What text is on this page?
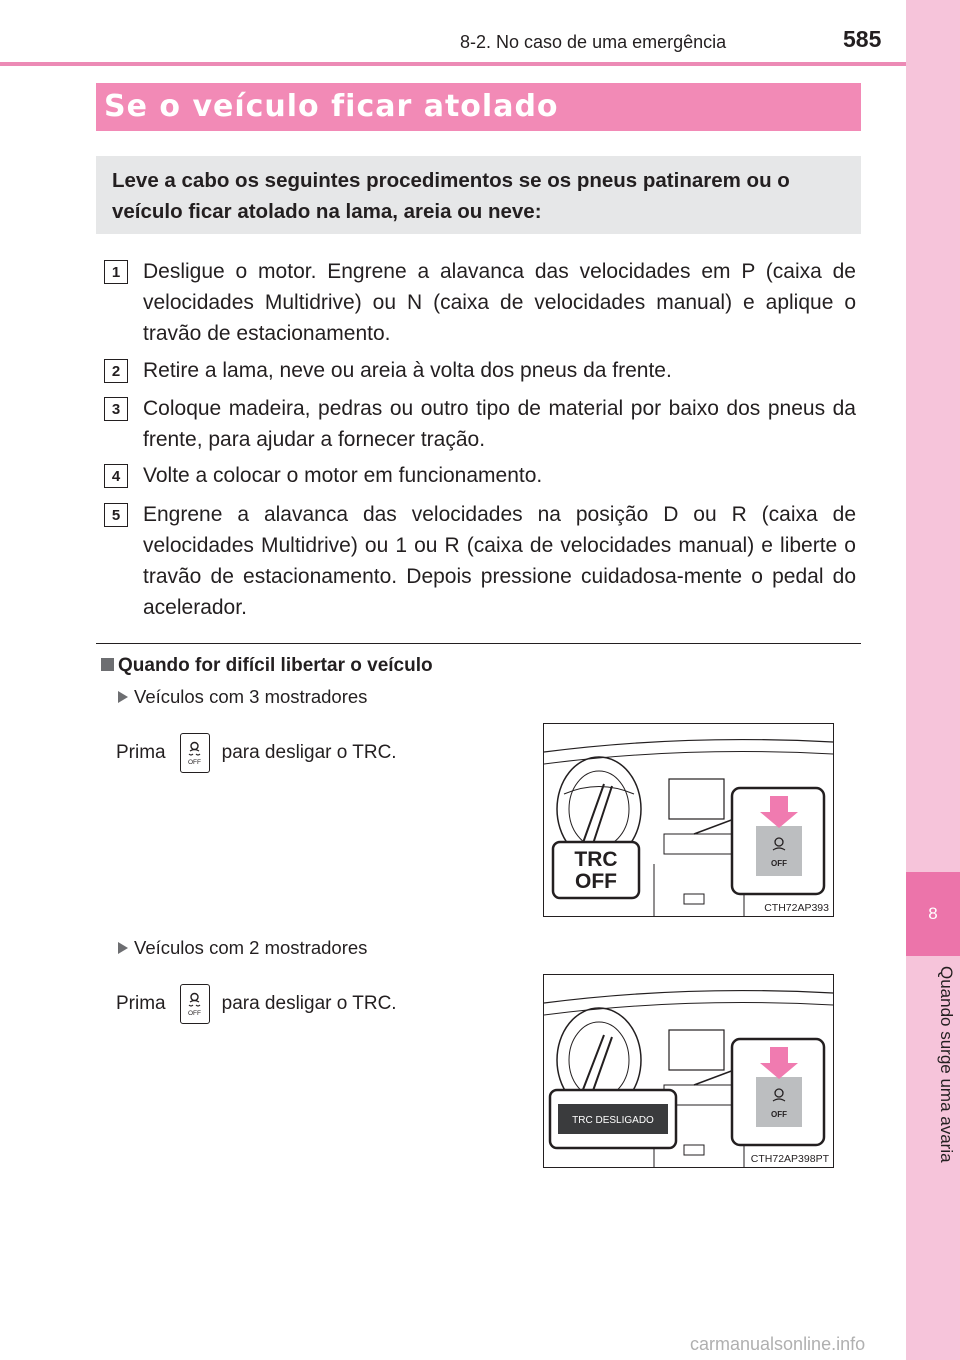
8
Quando surge uma avaria
8-2. No caso de uma emergência	585
Se o veículo ficar atolado
Leve a cabo os seguintes procedimentos se os pneus patinarem ou o veículo ficar atolado na lama, areia ou neve:
1	Desligue o motor. Engrene a alavanca das velocidades em P (caixa de velocidades Multidrive) ou N (caixa de velocidades manual) e aplique o travão de estacionamento.
2	Retire a lama, neve ou areia à volta dos pneus da frente.
3	Coloque madeira, pedras ou outro tipo de material por baixo dos pneus da frente, para ajudar a fornecer tração.
4	Volte a colocar o motor em funcionamento.
5	Engrene a alavanca das velocidades na posição D ou R (caixa de velocidades Multidrive) ou 1 ou R (caixa de velocidades manual) e liberte o travão de estacionamento. Depois pressione cuidadosa-mente o pedal do acelerador.
Quando for difícil libertar o veículo
Veículos com 3 mostradores
Prima	OFF para desligar o TRC.
TRC
OFF
OFF
CTH72AP393
Veículos com 2 mostradores
Prima	OFF para desligar o TRC.
TRC DESLIGADO
OFF
CTH72AP398PT
carmanualsonline.info
